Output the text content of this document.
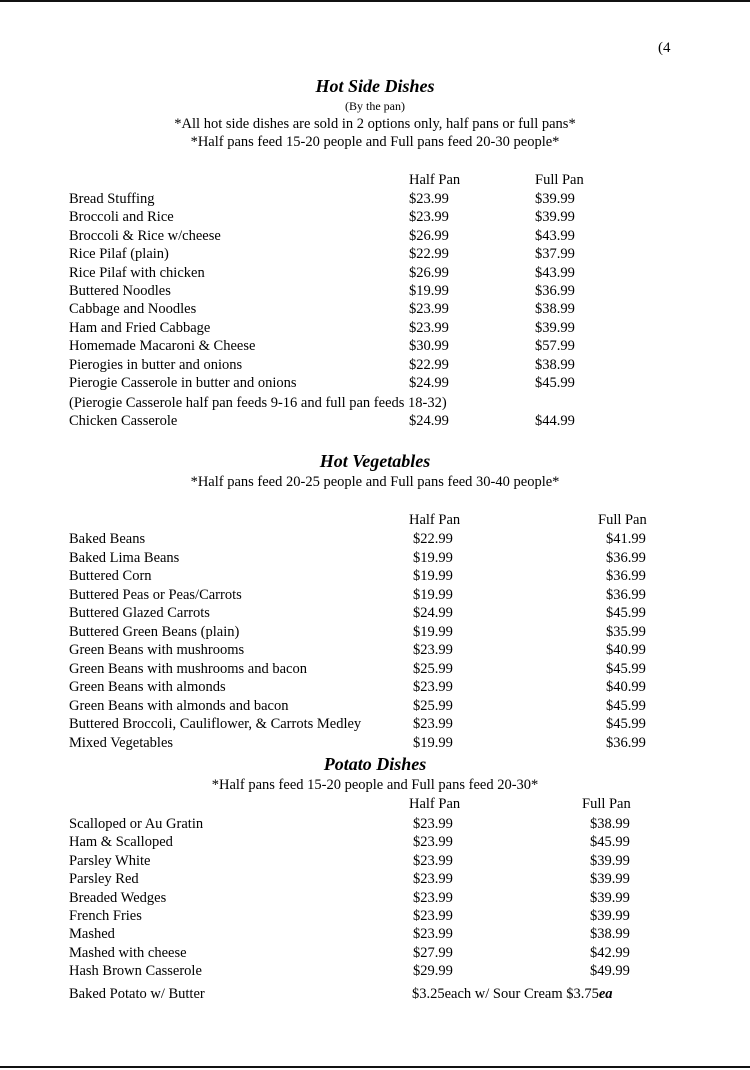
(4
Hot Side Dishes
(By the pan)
*All hot side dishes are sold in 2 options only, half pans or full pans*
*Half pans feed 15-20 people and Full pans feed 20-30 people*
Half Pan	Full Pan
Bread Stuffing	$23.99	$39.99
Broccoli and Rice	$23.99	$39.99
Broccoli & Rice w/cheese	$26.99	$43.99
Rice Pilaf (plain)	$22.99	$37.99
Rice Pilaf with chicken	$26.99	$43.99
Buttered Noodles	$19.99	$36.99
Cabbage and Noodles	$23.99	$38.99
Ham and Fried Cabbage	$23.99	$39.99
Homemade Macaroni & Cheese	$30.99	$57.99
Pierogies in butter and onions	$22.99	$38.99
Pierogie Casserole in butter and onions	$24.99	$45.99
(Pierogie Casserole half pan feeds 9-16 and full pan feeds 18-32)
Chicken Casserole	$24.99	$44.99
Hot Vegetables
*Half pans feed 20-25 people and Full pans feed 30-40 people*
Half Pan	Full Pan
Baked Beans	$22.99	$41.99
Baked Lima Beans	$19.99	$36.99
Buttered Corn	$19.99	$36.99
Buttered Peas or Peas/Carrots	$19.99	$36.99
Buttered Glazed Carrots	$24.99	$45.99
Buttered Green Beans (plain)	$19.99	$35.99
Green Beans with mushrooms	$23.99	$40.99
Green Beans with mushrooms and bacon	$25.99	$45.99
Green Beans with almonds	$23.99	$40.99
Green Beans with almonds and bacon	$25.99	$45.99
Buttered Broccoli, Cauliflower, & Carrots Medley	$23.99	$45.99
Mixed Vegetables	$19.99	$36.99
Potato Dishes
*Half pans feed 15-20 people and Full pans feed 20-30*
Half Pan	Full Pan
Scalloped or Au Gratin	$23.99	$38.99
Ham & Scalloped	$23.99	$45.99
Parsley White	$23.99	$39.99
Parsley Red	$23.99	$39.99
Breaded Wedges	$23.99	$39.99
French Fries	$23.99	$39.99
Mashed	$23.99	$38.99
Mashed with cheese	$27.99	$42.99
Hash Brown Casserole	$29.99	$49.99
Baked Potato w/ Butter	$3.25each w/ Sour Cream $3.75ea
